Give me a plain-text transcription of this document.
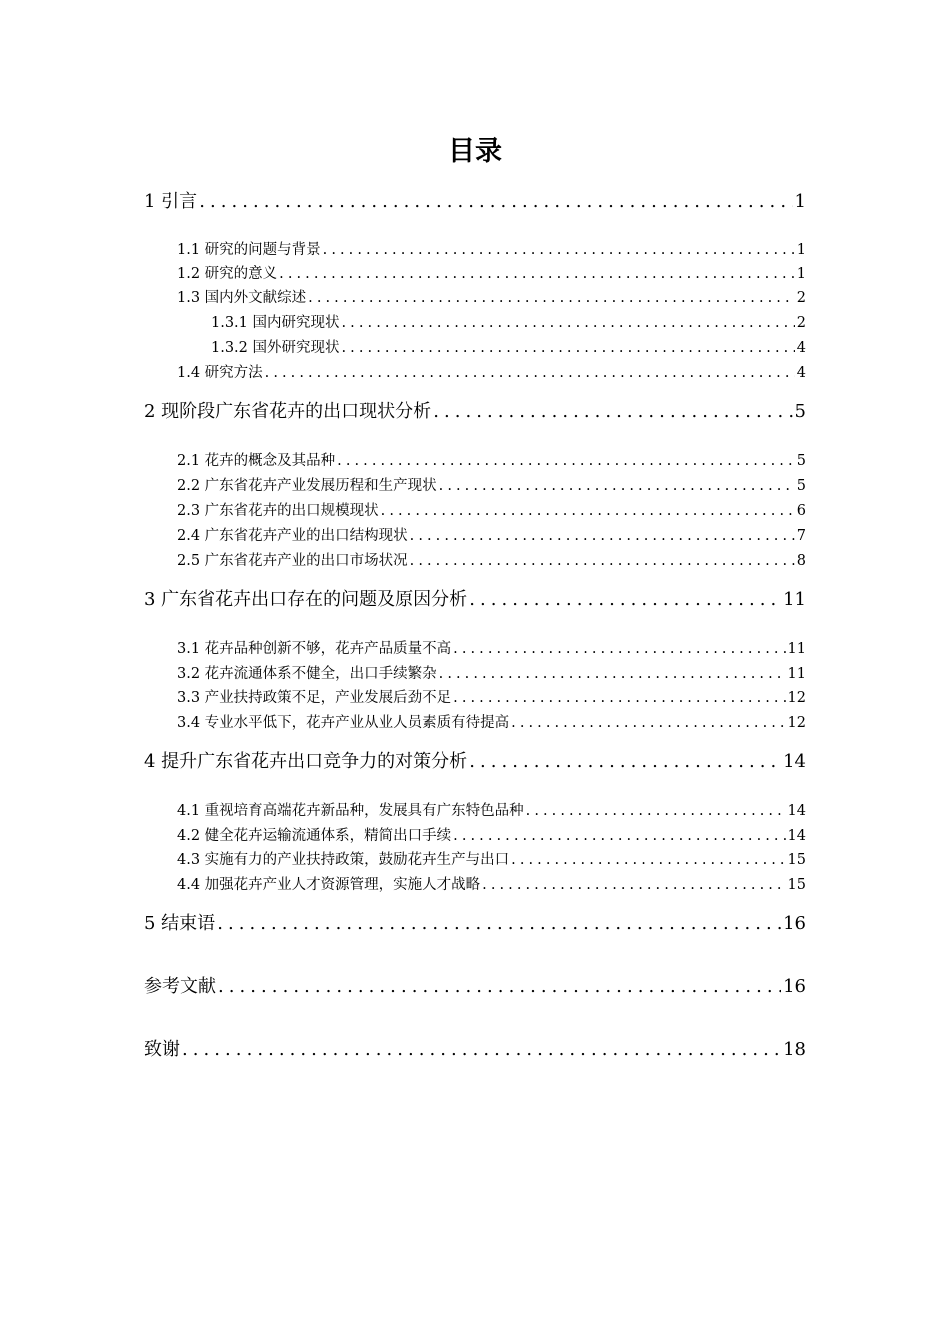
目录
1 引言 .....	1
1.1 研究的问题与背景 .....	1
1.2 研究的意义 .....	1
1.3 国内外文献综述 .....	2
1.3.1 国内研究现状 .....	2
1.3.2 国外研究现状 .....	4
1.4 研究方法 .....	4
2 现阶段广东省花卉的出口现状分析 .....	5
2.1 花卉的概念及其品种 .....	5
2.2 广东省花卉产业发展历程和生产现状 .....	5
2.3 广东省花卉的出口规模现状 .....	6
2.4 广东省花卉产业的出口结构现状 .....	7
2.5 广东省花卉产业的出口市场状况 .....	8
3 广东省花卉出口存在的问题及原因分析 .....	11
3.1 花卉品种创新不够，花卉产品质量不高 .....	11
3.2 花卉流通体系不健全，出口手续繁杂 .....	11
3.3 产业扶持政策不足，产业发展后劲不足 .....	12
3.4 专业水平低下，花卉产业从业人员素质有待提高 .....	12
4 提升广东省花卉出口竞争力的对策分析 .....	14
4.1 重视培育高端花卉新品种，发展具有广东特色品种 .....	14
4.2 健全花卉运输流通体系，精简出口手续 .....	14
4.3 实施有力的产业扶持政策，鼓励花卉生产与出口 .....	15
4.4 加强花卉产业人才资源管理，实施人才战略 .....	15
5 结束语 .....	16
参考文献 .....	16
致谢 .....	18
